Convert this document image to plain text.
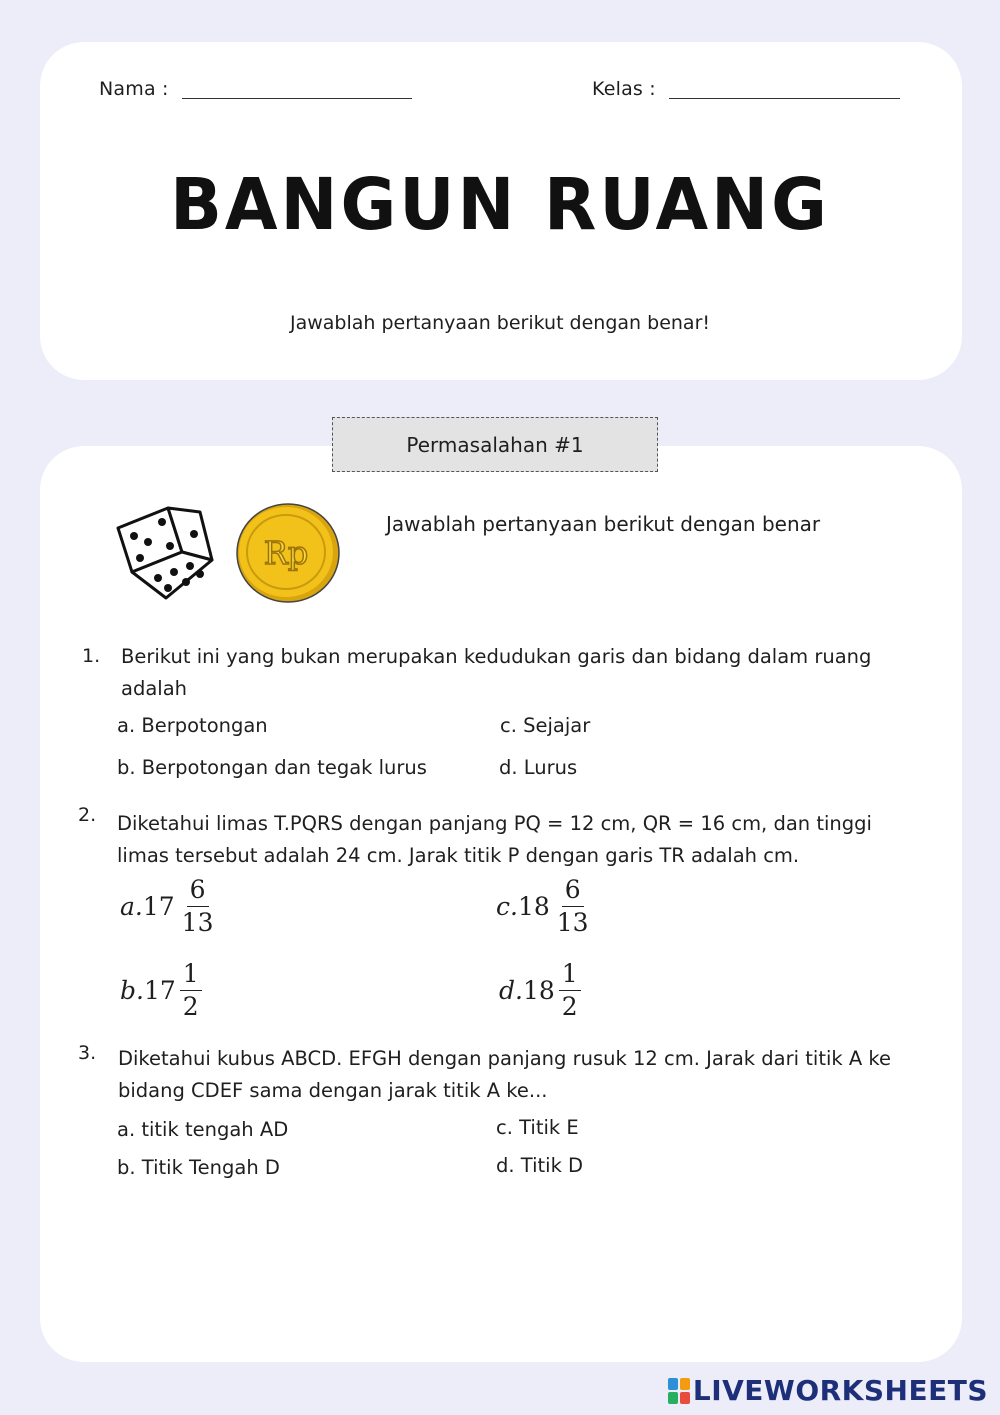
Nama :	Kelas :
BANGUN RUANG
Jawablah pertanyaan berikut dengan benar!
Permasalahan #1
Rp
Jawablah pertanyaan berikut dengan benar
1. Berikut ini yang bukan merupakan kedudukan garis dan bidang dalam ruang
adalah
a. Berpotongan	c. Sejajar
b. Berpotongan dan tegak lurus	d. Lurus
2. Diketahui limas T.PQRS dengan panjang PQ = 12 cm, QR = 16 cm, dan tinggi
limas tersebut adalah 24 cm. Jarak titik P dengan garis TR adalah cm.
a. $17 \frac{6}{13}$	c. $18 \frac{6}{13}$
b. $17 \frac{1}{2}$	d. $18 \frac{1}{2}$
3. Diketahui kubus ABCD. EFGH dengan panjang rusuk 12 cm. Jarak dari titik A ke
bidang CDEF sama dengan jarak titik A ke...
a. titik tengah AD	c. Titik E
b. Titik Tengah D	d. Titik D
LIVEWORKSHEETS
